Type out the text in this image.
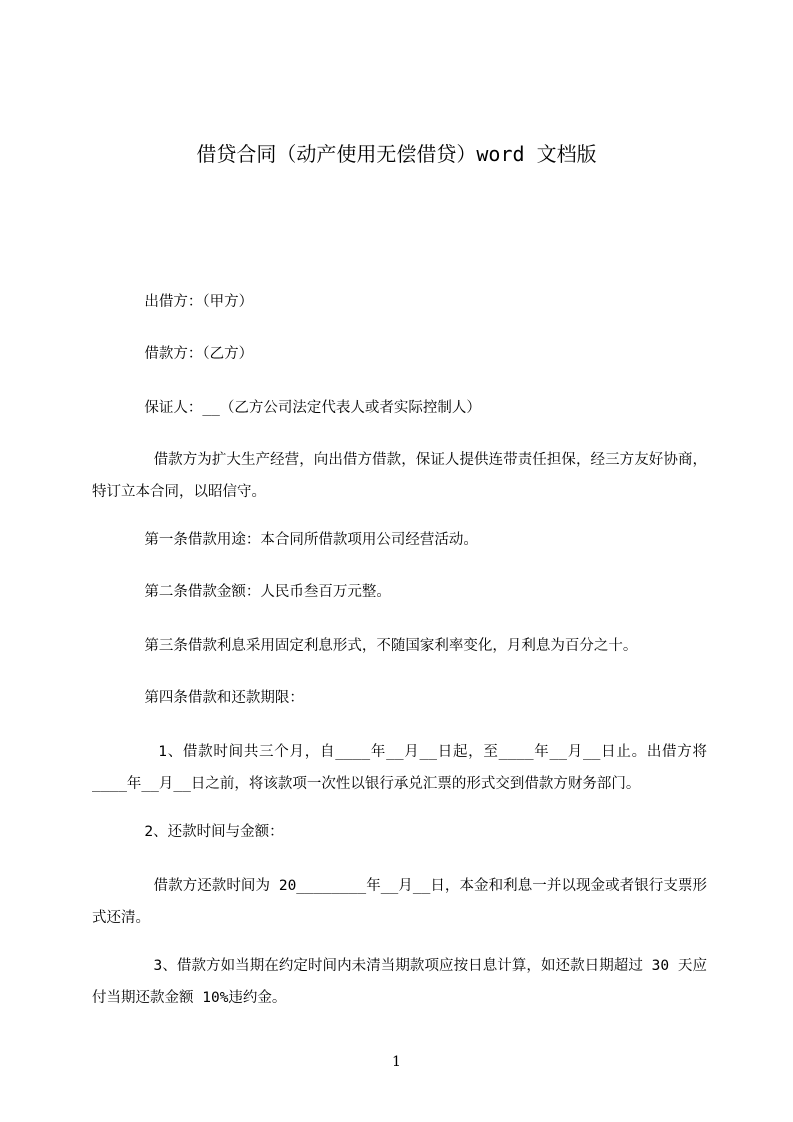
借贷合同（动产使用无偿借贷）word 文档版
出借方：（甲方）
借款方：（乙方）
保证人：__（乙方公司法定代表人或者实际控制人）
借款方为扩大生产经营，向出借方借款，保证人提供连带责任担保，经三方友好协商，特订立本合同，以昭信守。
第一条借款用途：本合同所借款项用公司经营活动。
第二条借款金额：人民币叁百万元整。
第三条借款利息采用固定利息形式，不随国家利率变化，月利息为百分之十。
第四条借款和还款期限：
1、借款时间共三个月，自____年__月__日起，至____年__月__日止。出借方将____年__月__日之前，将该款项一次性以银行承兑汇票的形式交到借款方财务部门。
2、还款时间与金额：
借款方还款时间为 20________年__月__日，本金和利息一并以现金或者银行支票形式还清。
3、借款方如当期在约定时间内未清当期款项应按日息计算，如还款日期超过 30 天应付当期还款金额 10%违约金。
1
